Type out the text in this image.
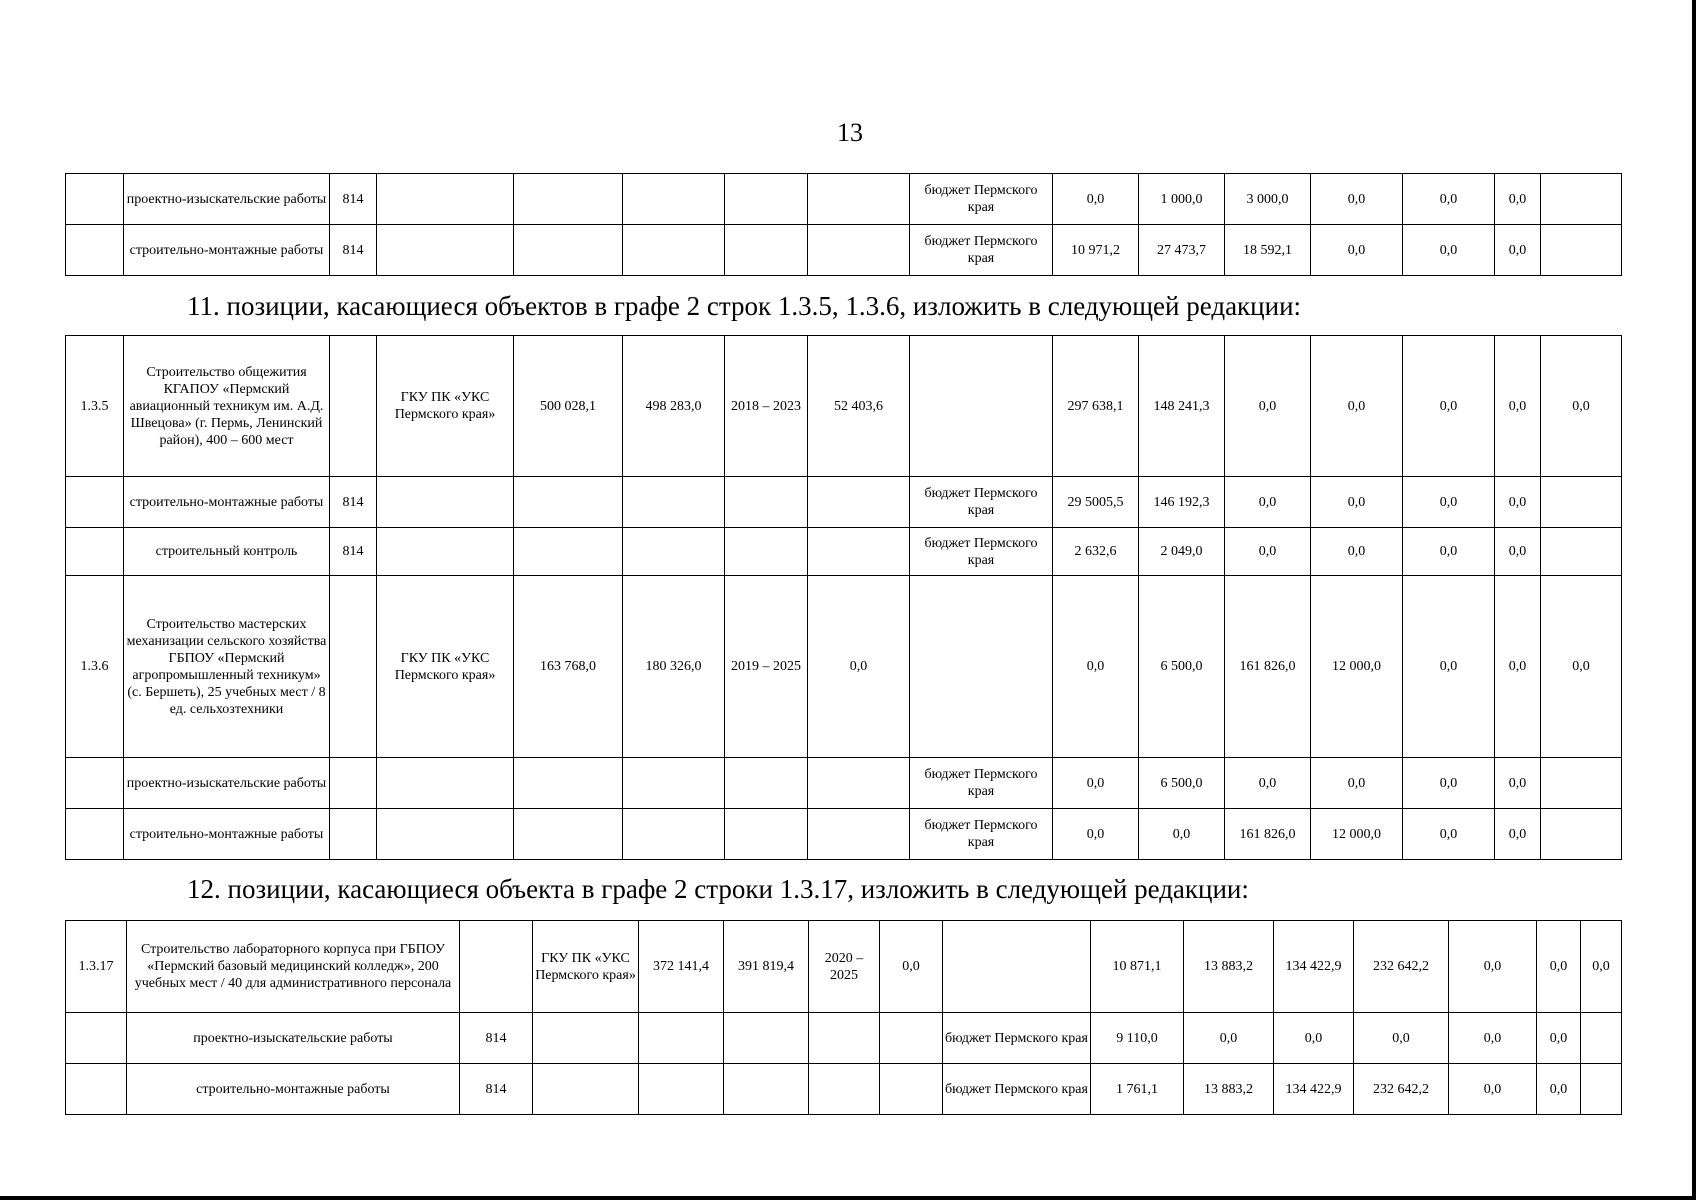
13
	проектно-изыскательские работы	814						бюджет Пермского края	0,0	1 000,0	3 000,0	0,0	0,0	0,0	
	строительно-монтажные работы	814						бюджет Пермского края	10 971,2	27 473,7	18 592,1	0,0	0,0	0,0	
11. позиции, касающиеся объектов в графе 2 строк 1.3.5, 1.3.6, изложить в следующей редакции:
1.3.5	Строительство общежития КГАПОУ «Пермский авиационный техникум им. А.Д. Швецова» (г. Пермь, Ленинский район), 400 – 600 мест		ГКУ ПК «УКС Пермского края»	500 028,1	498 283,0	2018 – 2023	52 403,6		297 638,1	148 241,3	0,0	0,0	0,0	0,0	0,0
	строительно-монтажные работы	814						бюджет Пермского края	29 5005,5	146 192,3	0,0	0,0	0,0	0,0	
	строительный контроль	814						бюджет Пермского края	2 632,6	2 049,0	0,0	0,0	0,0	0,0	
1.3.6	Строительство мастерских механизации сельского хозяйства ГБПОУ «Пермский агропромышленный техникум» (с. Бершеть), 25 учебных мест / 8 ед. сельхозтехники		ГКУ ПК «УКС Пермского края»	163 768,0	180 326,0	2019 – 2025	0,0		0,0	6 500,0	161 826,0	12 000,0	0,0	0,0	0,0
	проектно-изыскательские работы							бюджет Пермского края	0,0	6 500,0	0,0	0,0	0,0	0,0	
	строительно-монтажные работы							бюджет Пермского края	0,0	0,0	161 826,0	12 000,0	0,0	0,0	
12. позиции, касающиеся объекта в графе 2 строки 1.3.17, изложить в следующей редакции:
1.3.17	Строительство лабораторного корпуса при ГБПОУ «Пермский базовый медицинский колледж», 200 учебных мест / 40 для административного персонала		ГКУ ПК «УКС Пермского края»	372 141,4	391 819,4	2020 – 2025	0,0		10 871,1	13 883,2	134 422,9	232 642,2	0,0	0,0	0,0
	проектно-изыскательские работы	814						бюджет Пермского края	9 110,0	0,0	0,0	0,0	0,0	0,0	
	строительно-монтажные работы	814						бюджет Пермского края	1 761,1	13 883,2	134 422,9	232 642,2	0,0	0,0	
